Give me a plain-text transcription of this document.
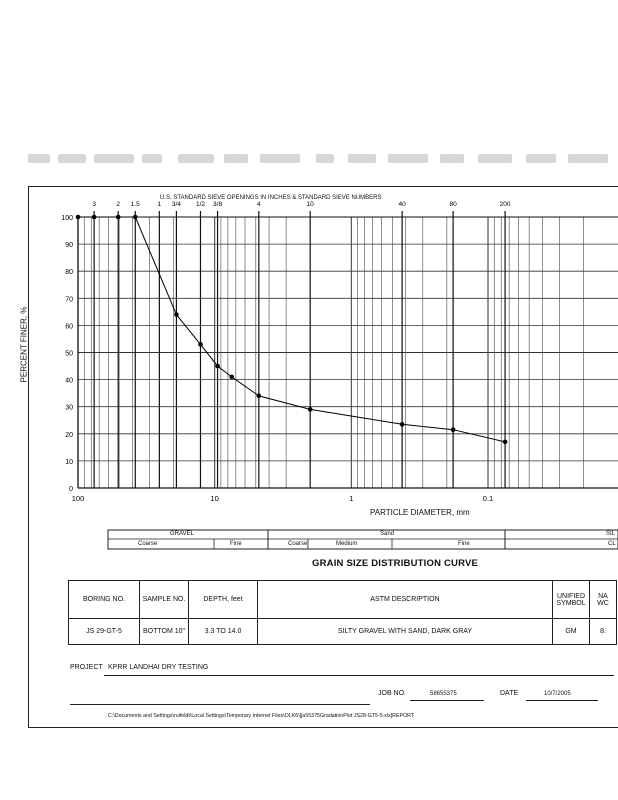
0
10
20
30
40
50
60
70
80
90
100
3	2 1.5	1 3/4 1/2 3/8	4	10	40	80	200
100	10	1	0.1
U.S. STANDARD SIEVE OPENINGS IN INCHES & STANDARD SIEVE NUMBERS
PERCENT FINER, %
PARTICLE DIAMETER, mm
GRAVEL
Coarse	Fine
Sand
Coarse	Medium	Fine
SIL
CL
GRAIN SIZE DISTRIBUTION CURVE
BORING NO.	SAMPLE NO.	DEPTH, feet	ASTM DESCRIPTION	UNIFIED SYMBOL	NA WC
JS 29-GT-5	BOTTOM 10"	3.3 TO 14.0	SILTY GRAVEL WITH SAND, DARK GRAY	GM	8.
PROJECT KPRR LANDHAI DRY TESTING
JOB NO.	58655375	DATE	10/7/2005
C:\Documents and Settings\ruifeldt\Local Settings\Temporary Internet Files\OLK6\[ja55375GradationPlot JS28-GT5-5.xls]REPORT
